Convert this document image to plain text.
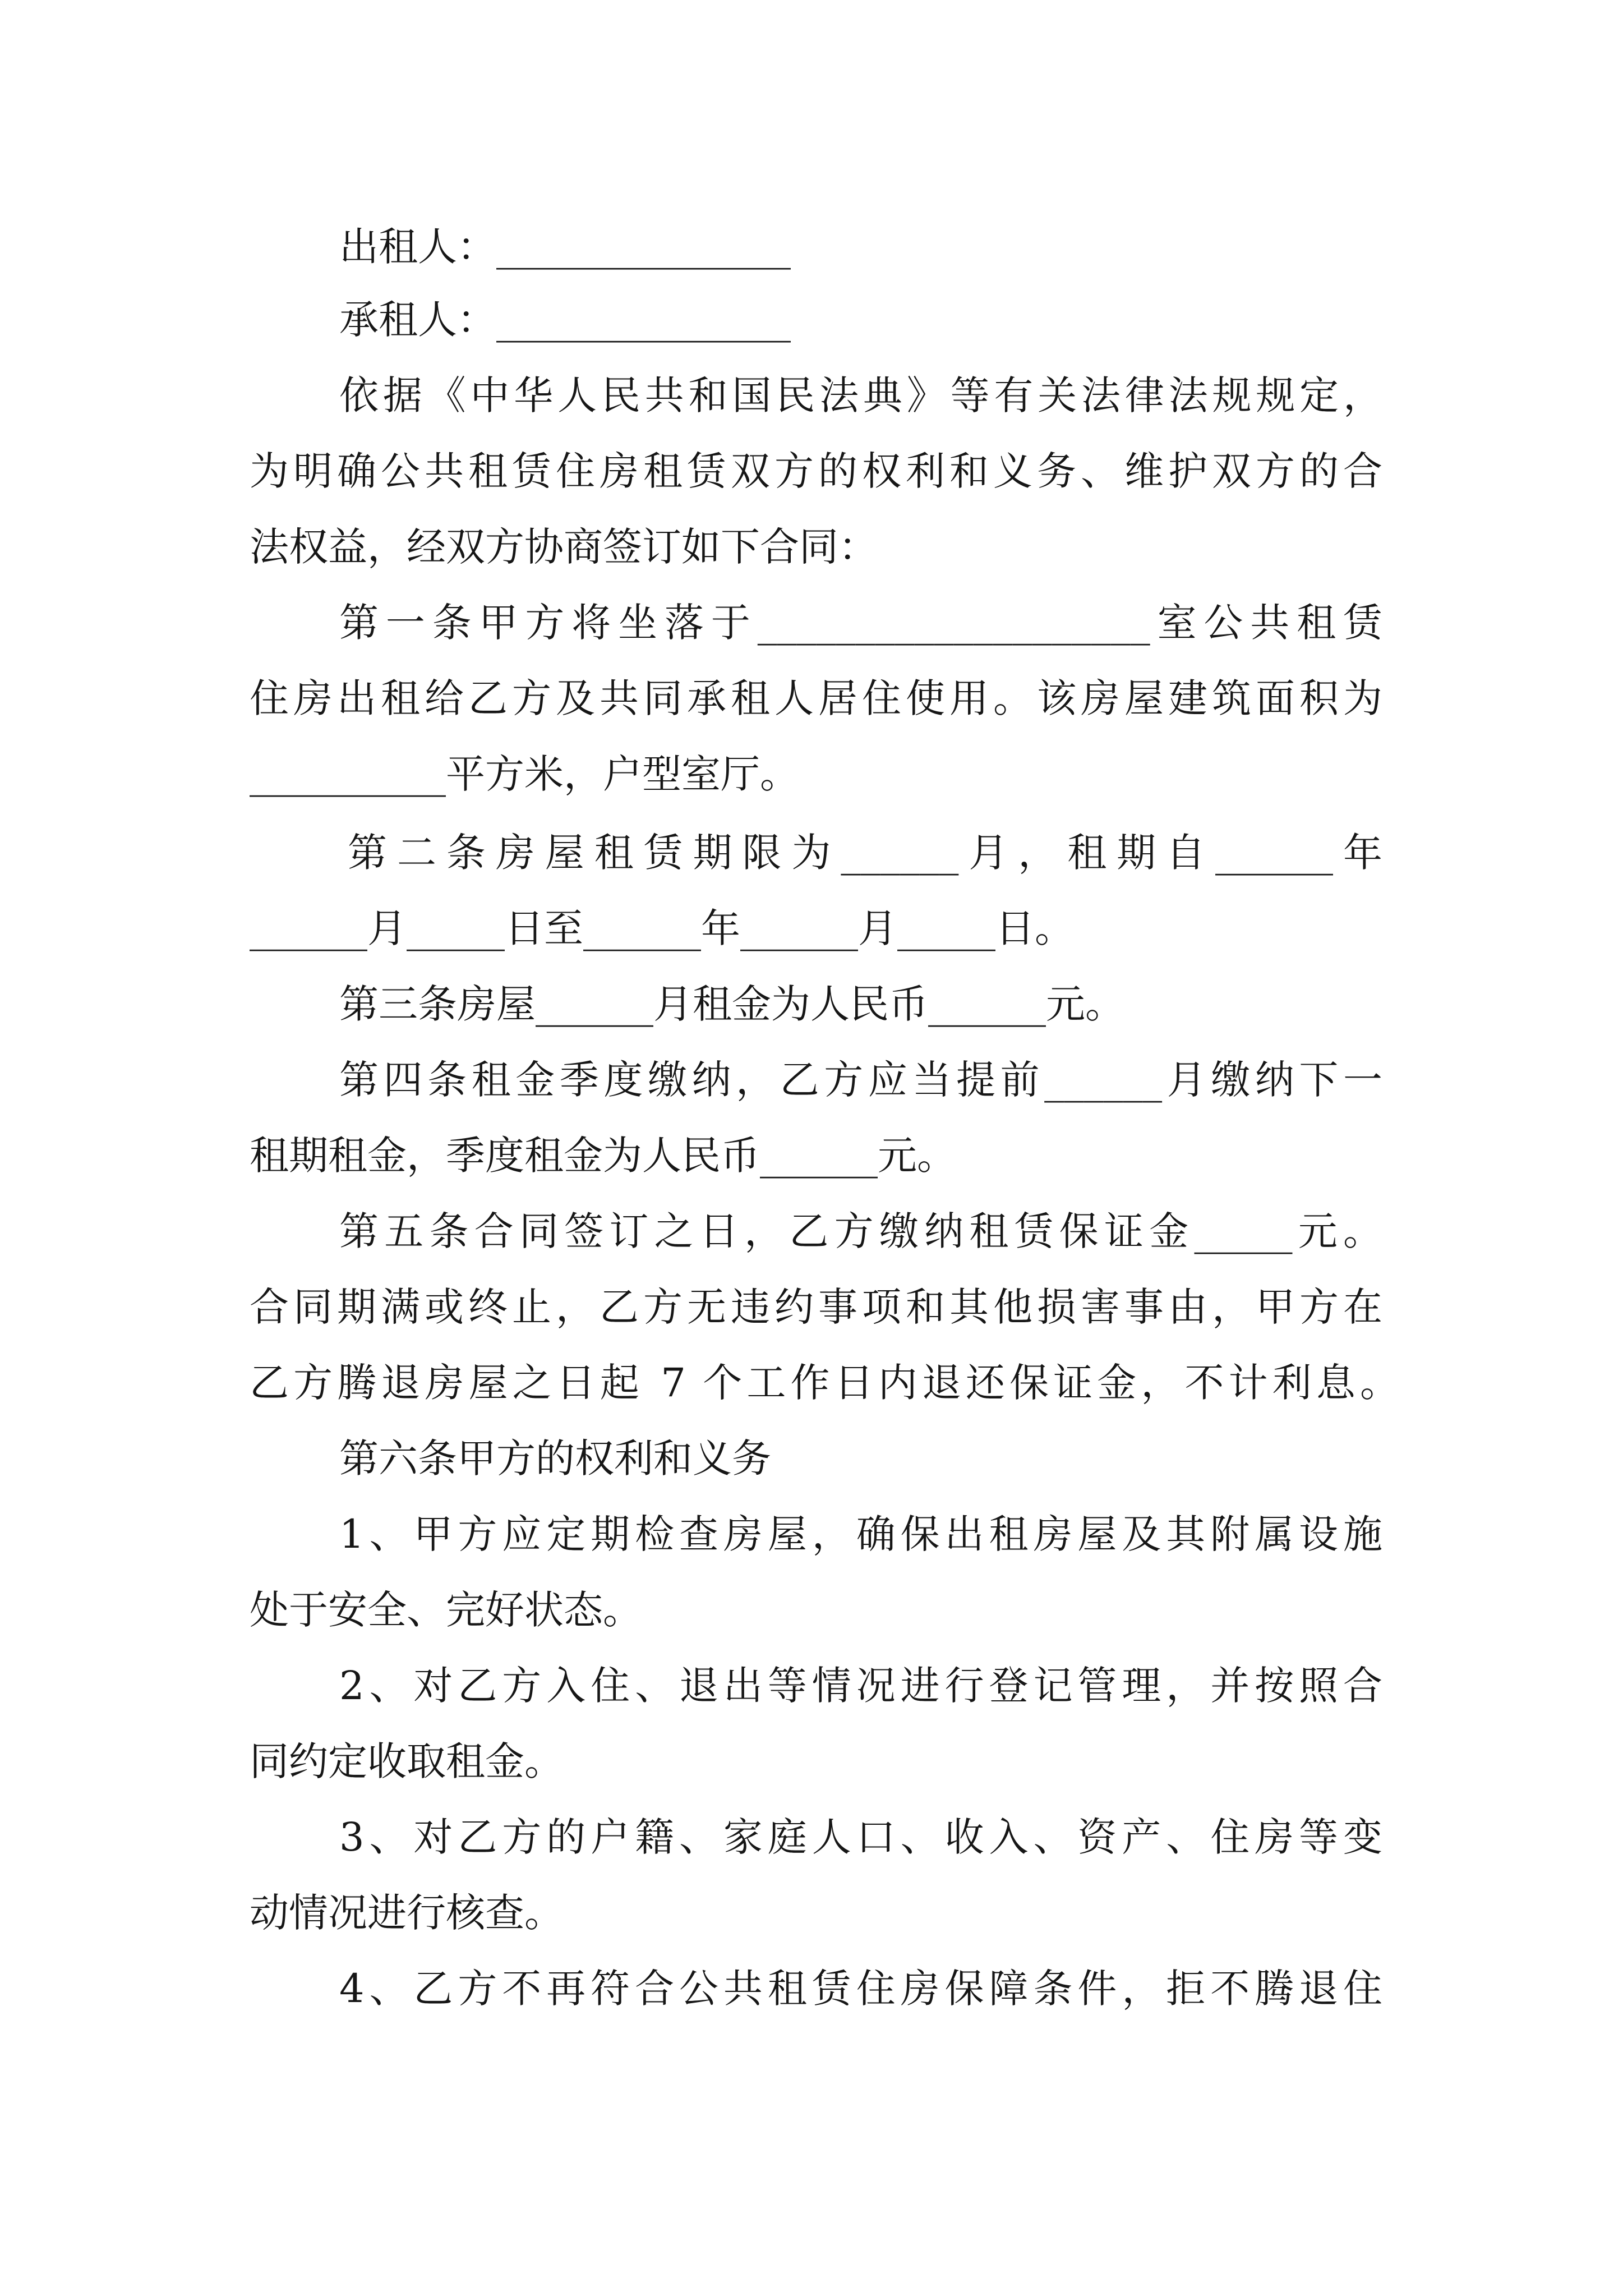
出租人：_______________
承租人：_______________
依据《中华人民共和国民法典》等有关法律法规规定，
为明确公共租赁住房租赁双方的权利和义务、维护双方的合
法权益，经双方协商签订如下合同：
第一条甲方将坐落于____________________室公共租赁
住房出租给乙方及共同承租人居住使用。该房屋建筑面积为
__________平方米，户型室厅。
第二条房屋租赁期限为______月，租期自______年
______月_____日至______年______月_____日。
第三条房屋______月租金为人民币______元。
第四条租金季度缴纳，乙方应当提前______月缴纳下一
租期租金，季度租金为人民币______元。
第五条合同签订之日，乙方缴纳租赁保证金_____元。
合同期满或终止，乙方无违约事项和其他损害事由，甲方在
乙方腾退房屋之日起 7 个工作日内退还保证金，不计利息。
第六条甲方的权利和义务
1、甲方应定期检查房屋，确保出租房屋及其附属设施
处于安全、完好状态。
2、对乙方入住、退出等情况进行登记管理，并按照合
同约定收取租金。
3、对乙方的户籍、家庭人口、收入、资产、住房等变
动情况进行核查。
4、乙方不再符合公共租赁住房保障条件，拒不腾退住
